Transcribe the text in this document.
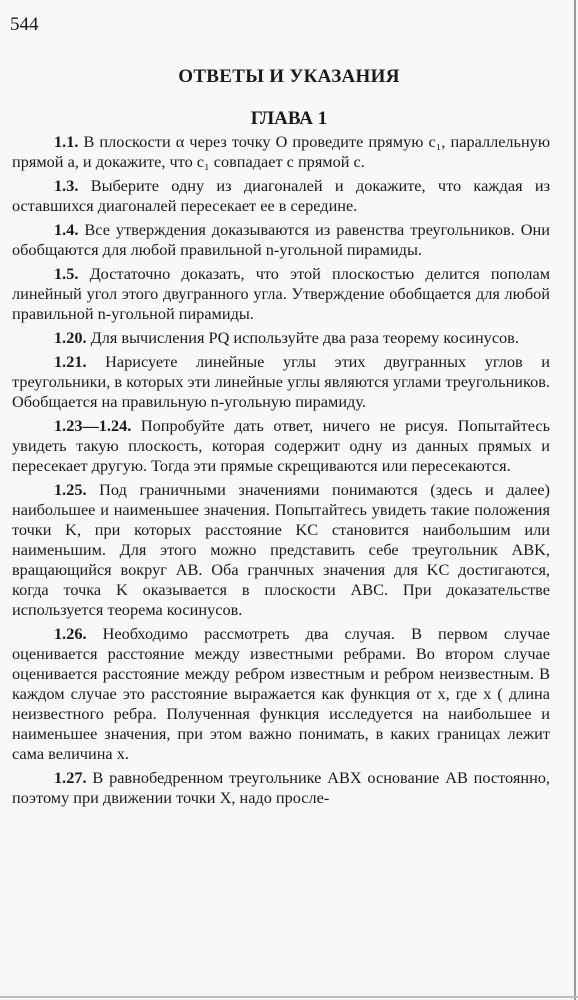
544
ОТВЕТЫ И УКАЗАНИЯ
ГЛАВА 1

1.1. В плоскости α через точку O проведите прямую c₁, параллельную прямой a, и докажите, что c₁ совпадает с прямой c.

1.3. Выберите одну из диагоналей и докажите, что каждая из оставшихся диагоналей пересекает ее в середине.

1.4. Все утверждения доказываются из равенства треугольников. Они обобщаются для любой правильной n-угольной пирамиды.

1.5. Достаточно доказать, что этой плоскостью делится пополам линейный угол этого двугранного угла. Утверждение обобщается для любой правильной n-угольной пирамиды.

1.20. Для вычисления PQ используйте два раза теорему косинусов.

1.21. Нарисуете линейные углы этих двугранных углов и треугольники, в которых эти линейные углы являются углами треугольников. Обобщается на правильную n-угольную пирамиду.

1.23—1.24. Попробуйте дать ответ, ничего не рисуя. Попытайтесь увидеть такую плоскость, которая содержит одну из данных прямых и пересекает другую. Тогда эти прямые скрещиваются или пересекаются.

1.25. Под граничными значениями понимаются (здесь и далее) наибольшее и наименьшее значения. Попытайтесь увидеть такие положения точки K, при которых расстояние KC становится наибольшим или наименьшим. Для этого можно представить себе треугольник ABK, вращающийся вокруг AB. Оба гранчных значения для KC достигаются, когда точка K оказывается в плоскости ABC. При доказательстве используется теорема косинусов.

1.26. Необходимо рассмотреть два случая. В первом случае оценивается расстояние между известными ребрами. Во втором случае оценивается расстояние между ребром известным и ребром неизвестным. В каждом случае это расстояние выражается как функция от x, где x ( длина неизвестного ребра. Полученная функция исследуется на наибольшее и наименьшее значения, при этом важно понимать, в каких границах лежит сама величина x.

1.27. В равнобедренном треугольнике ABX основание AB постоянно, поэтому при движении точки X, надо просле-
